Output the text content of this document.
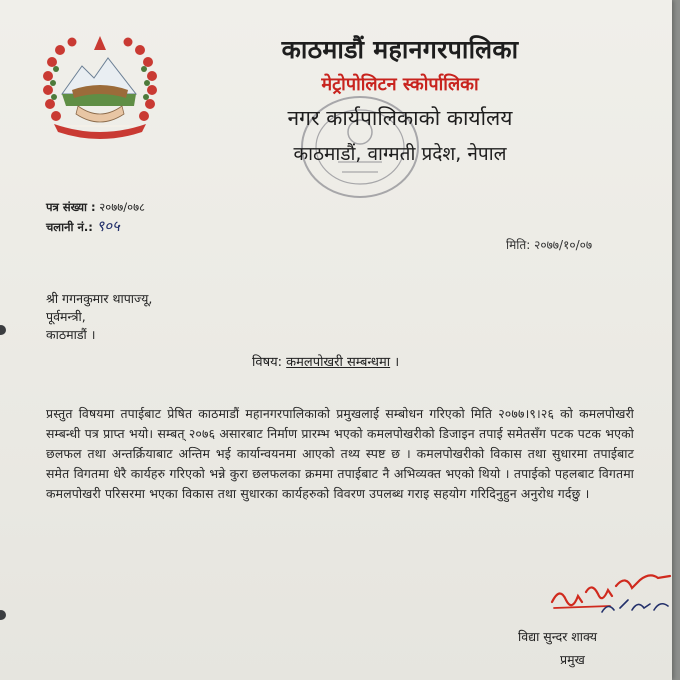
काठमाडौं महानगरपालिका
मेट्रोपोलिटन स्कोर्पालिका
नगर कार्यपालिकाको कार्यालय
काठमाडौं, वाग्मती प्रदेश, नेपाल
पत्र संख्या : २०७७/०७८
चलानी नं.: ९०५
मिति: २०७७/१०/०७
श्री गगनकुमार थापाज्यू,
पूर्वमन्त्री,
काठमाडौं ।
विषय: कमलपोखरी सम्बन्धमा ।
प्रस्तुत विषयमा तपाईबाट प्रेषित काठमाडौं महानगरपालिकाको प्रमुखलाई सम्बोधन गरिएको मिति २०७७।९।२६ को कमलपोखरी सम्बन्धी पत्र प्राप्त भयो। सम्बत् २०७६ असारबाट निर्माण प्रारम्भ भएको कमलपोखरीको डिजाइन तपाई समेतसँग पटक पटक भएको छलफल तथा अन्तर्क्रियाबाट अन्तिम भई कार्यान्वयनमा आएको तथ्य स्पष्ट छ । कमलपोखरीको विकास तथा सुधारमा तपाईबाट समेत विगतमा धेरै कार्यहरु गरिएको भन्ने कुरा छलफलका क्रममा तपाईबाट नै अभिव्यक्त भएको थियो । तपाईको पहलबाट विगतमा कमलपोखरी परिसरमा भएका विकास तथा सुधारका कार्यहरुको विवरण उपलब्ध गराइ सहयोग गरिदिनुहुन अनुरोध गर्दछु ।
विद्या सुन्दर शाक्य
प्रमुख
